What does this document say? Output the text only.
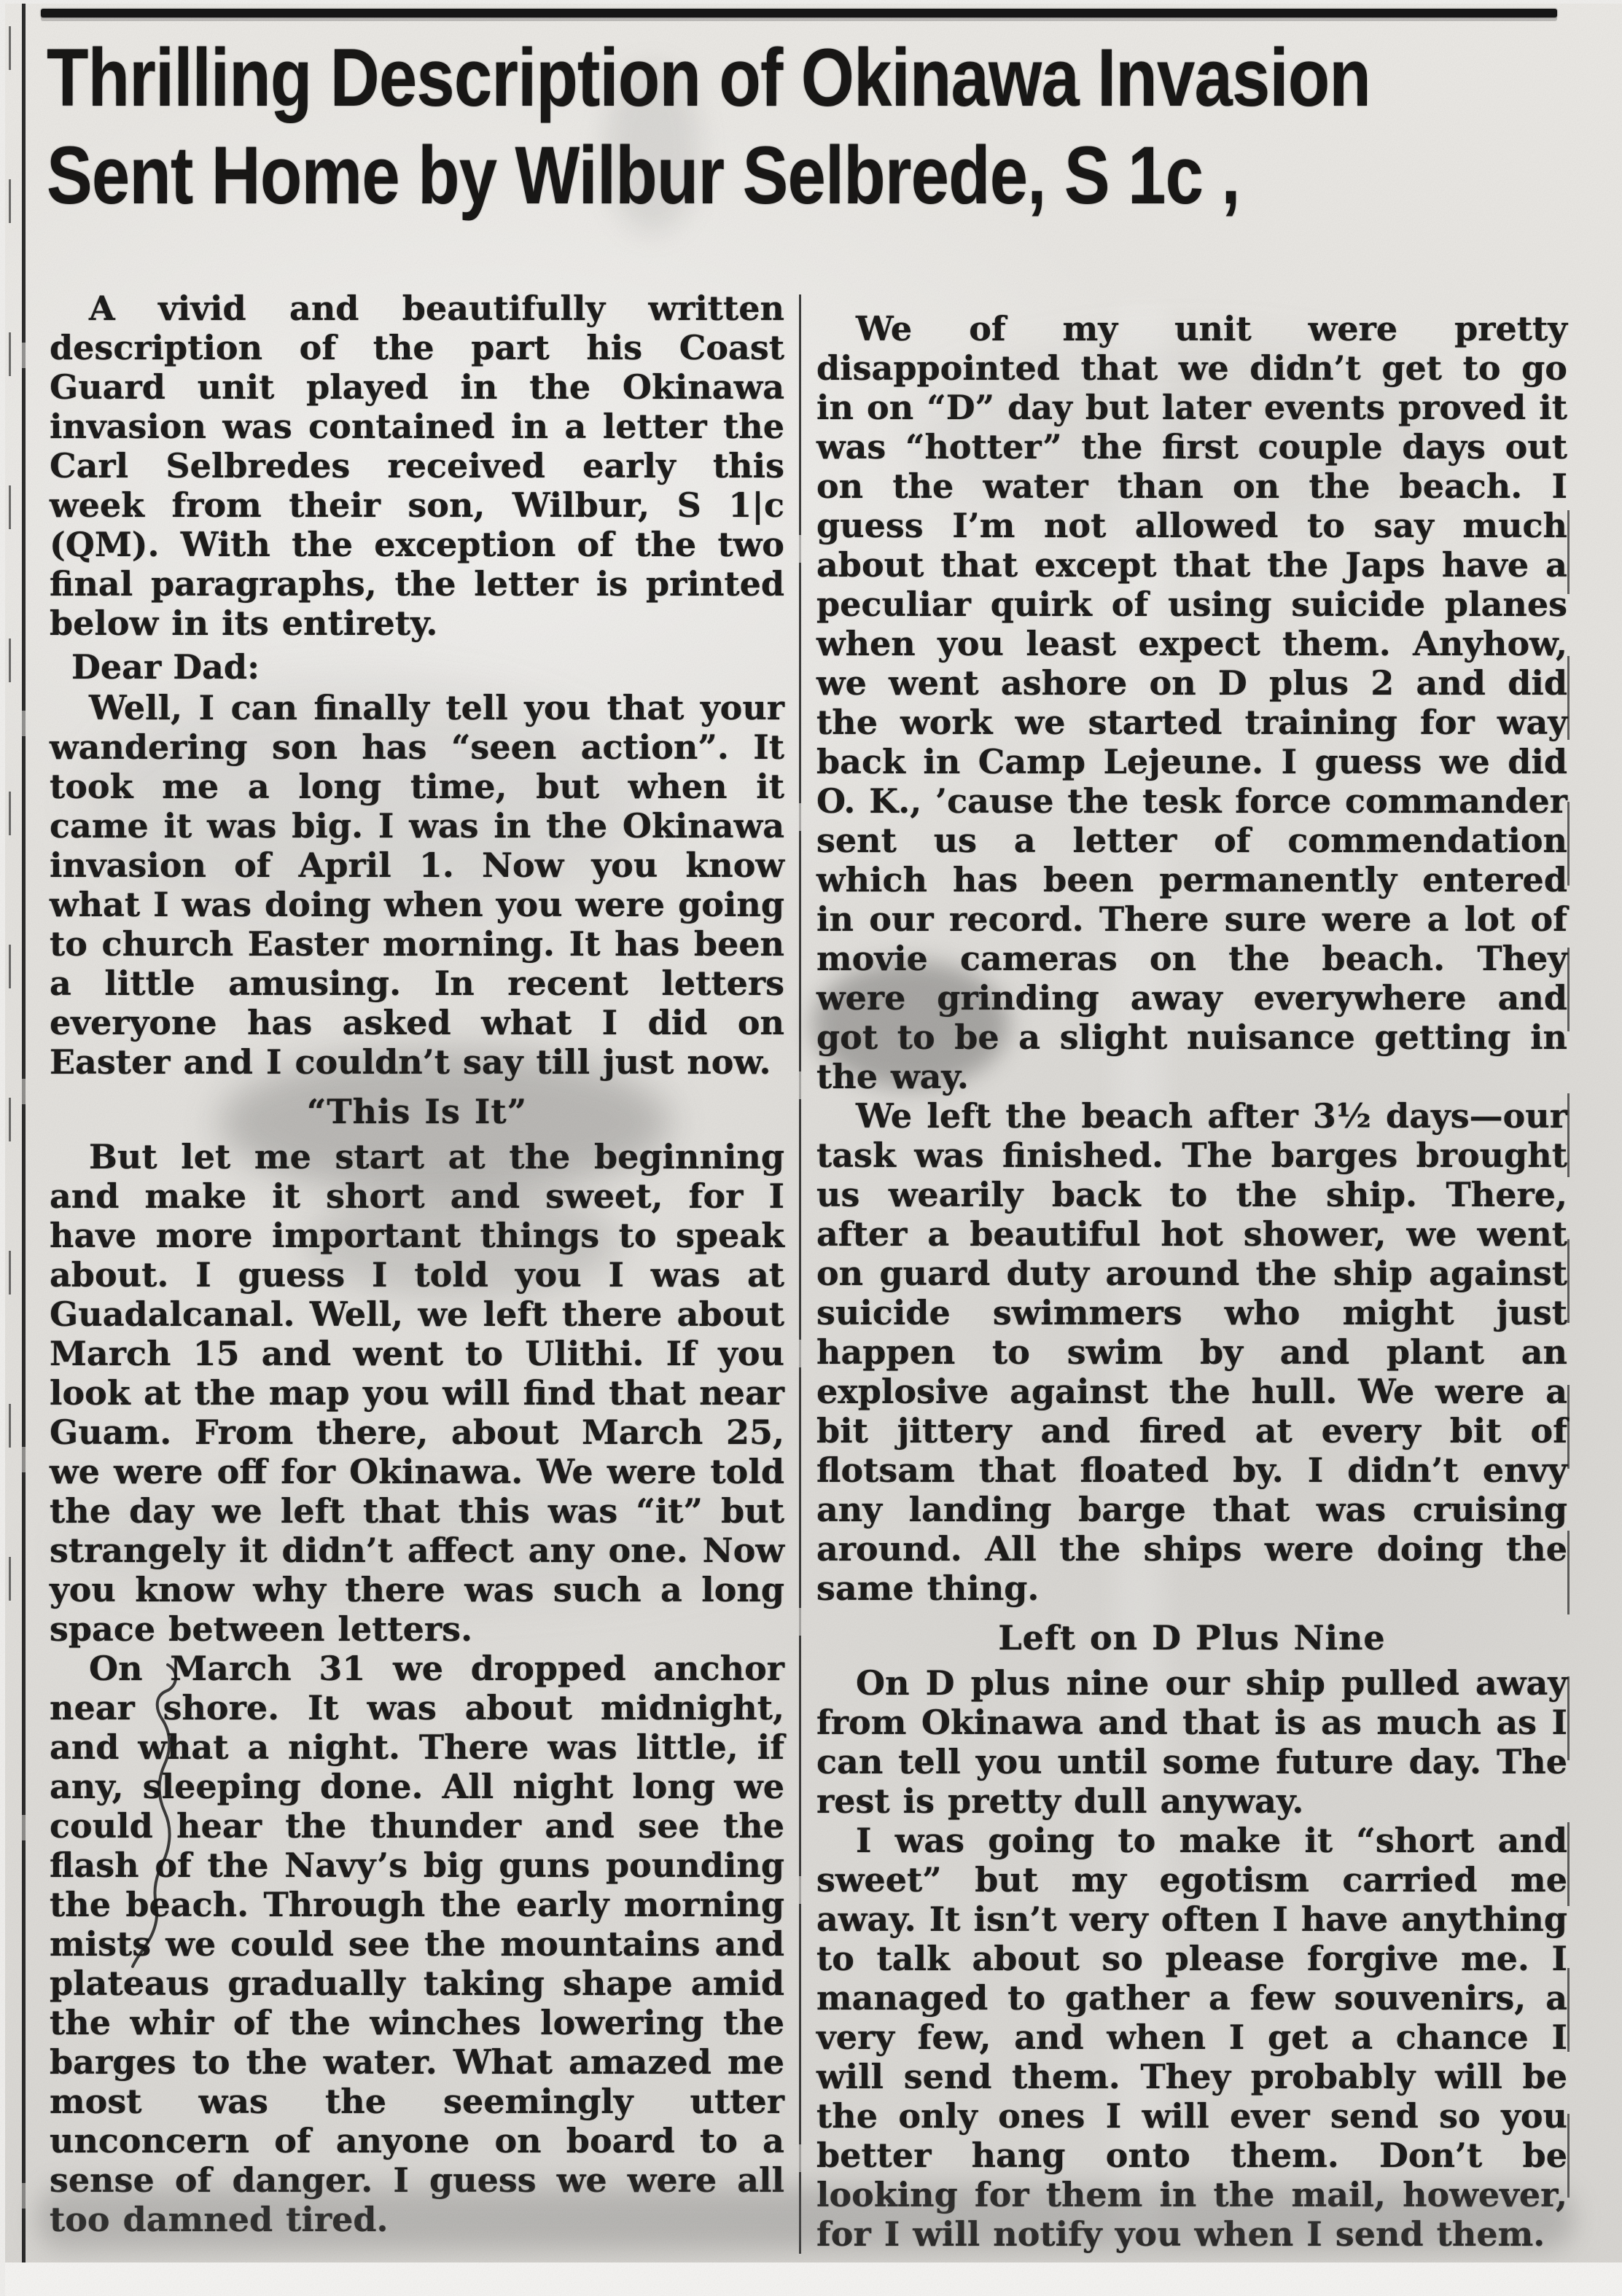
Thrilling Description of Okinawa Invasion
Sent Home by Wilbur Selbrede, S 1c ,

A vivid and beautifully written description of the part his Coast Guard unit played in the Okinawa invasion was contained in a letter the Carl Selbredes received early this week from their son, Wilbur, S 1|c (QM). With the exception of the two final paragraphs, the letter is printed below in its entirety.

Dear Dad:

Well, I can finally tell you that your wandering son has “seen action”. It took me a long time, but when it came it was big. I was in the Okinawa invasion of April 1. Now you know what I was doing when you were going to church Easter morning. It has been a little amusing. In recent letters everyone has asked what I did on Easter and I couldn’t say till just now.

“This Is It”

But let me start at the beginning and make it short and sweet, for I have more important things to speak about. I guess I told you I was at Guadalcanal. Well, we left there about March 15 and went to Ulithi. If you look at the map you will find that near Guam. From there, about March 25, we were off for Okinawa. We were told the day we left that this was “it” but strangely it didn’t affect any one. Now you know why there was such a long space between letters.

On March 31 we dropped anchor near shore. It was about midnight, and what a night. There was little, if any, sleeping done. All night long we could hear the thunder and see the flash of the Navy’s big guns pounding the beach. Through the early morning mists we could see the mountains and plateaus gradually taking shape amid the whir of the winches lowering the barges to the water. What amazed me most was the seemingly utter unconcern of anyone on board to a sense of danger. I guess we were all too damned tired.

We of my unit were pretty disappointed that we didn’t get to go in on “D” day but later events proved it was “hotter” the first couple days out on the water than on the beach. I guess I’m not allowed to say much about that except that the Japs have a peculiar quirk of using suicide planes when you least expect them. Anyhow, we went ashore on D plus 2 and did the work we started training for way back in Camp Lejeune. I guess we did O. K., ’cause the tesk force commander sent us a letter of commendation which has been permanently entered in our record. There sure were a lot of movie cameras on the beach. They were grinding away everywhere and got to be a slight nuisance getting in the way.

We left the beach after 3½ days—our task was finished. The barges brought us wearily back to the ship. There, after a beautiful hot shower, we went on guard duty around the ship against suicide swimmers who might just happen to swim by and plant an explosive against the hull. We were a bit jittery and fired at every bit of flotsam that floated by. I didn’t envy any landing barge that was cruising around. All the ships were doing the same thing.

Left on D Plus Nine

On D plus nine our ship pulled away from Okinawa and that is as much as I can tell you until some future day. The rest is pretty dull anyway.

I was going to make it “short and sweet” but my egotism carried me away. It isn’t very often I have anything to talk about so please forgive me. I managed to gather a few souvenirs, a very few, and when I get a chance I will send them. They probably will be the only ones I will ever send so you better hang onto them. Don’t be looking for them in the mail, however, for I will notify you when I send them.
